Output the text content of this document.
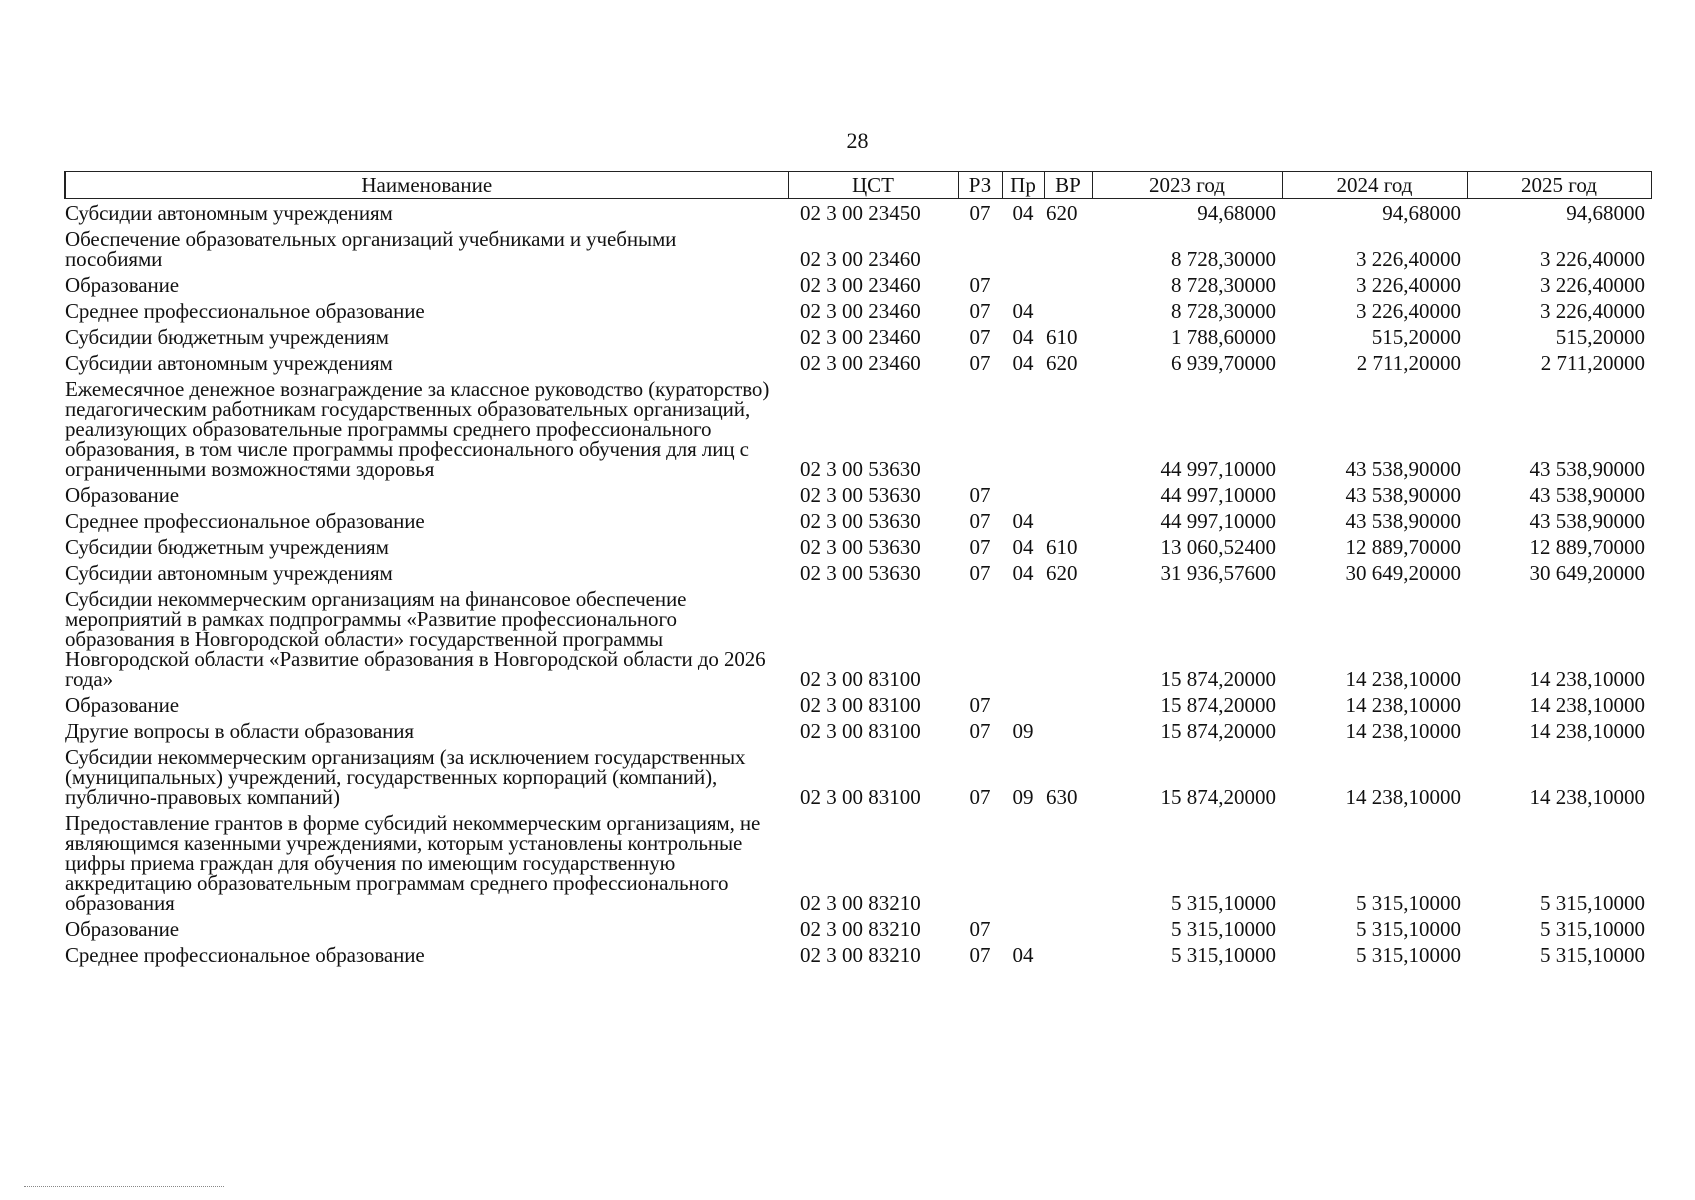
28
Наименование	ЦСТ	РЗ	Пр	ВР	2023 год	2024 год	2025 год
Субсидии автономным учреждениям	02 3 00 23450	07	04	620	94,68000	94,68000	94,68000
Обеспечение образовательных организаций учебниками и учебными пособиями	02 3 00 23460				8 728,30000	3 226,40000	3 226,40000
Образование	02 3 00 23460	07			8 728,30000	3 226,40000	3 226,40000
Среднее профессиональное образование	02 3 00 23460	07	04		8 728,30000	3 226,40000	3 226,40000
Субсидии бюджетным учреждениям	02 3 00 23460	07	04	610	1 788,60000	515,20000	515,20000
Субсидии автономным учреждениям	02 3 00 23460	07	04	620	6 939,70000	2 711,20000	2 711,20000
Ежемесячное денежное вознаграждение за классное руководство (кураторство) педагогическим работникам государственных образовательных организаций, реализующих образовательные программы среднего профессионального образования, в том числе программы профессионального обучения для лиц с ограниченными возможностями здоровья	02 3 00 53630				44 997,10000	43 538,90000	43 538,90000
Образование	02 3 00 53630	07			44 997,10000	43 538,90000	43 538,90000
Среднее профессиональное образование	02 3 00 53630	07	04		44 997,10000	43 538,90000	43 538,90000
Субсидии бюджетным учреждениям	02 3 00 53630	07	04	610	13 060,52400	12 889,70000	12 889,70000
Субсидии автономным учреждениям	02 3 00 53630	07	04	620	31 936,57600	30 649,20000	30 649,20000
Субсидии некоммерческим организациям на финансовое обеспечение мероприятий в рамках подпрограммы «Развитие профессионального образования в Новгородской области» государственной программы Новгородской области «Развитие образования в Новгородской области до 2026 года»	02 3 00 83100				15 874,20000	14 238,10000	14 238,10000
Образование	02 3 00 83100	07			15 874,20000	14 238,10000	14 238,10000
Другие вопросы в области образования	02 3 00 83100	07	09		15 874,20000	14 238,10000	14 238,10000
Субсидии некоммерческим организациям (за исключением государственных (муниципальных) учреждений, государственных корпораций (компаний), публично-правовых компаний)	02 3 00 83100	07	09	630	15 874,20000	14 238,10000	14 238,10000
Предоставление грантов в форме субсидий некоммерческим организациям, не являющимся казенными учреждениями, которым установлены контрольные цифры приема граждан для обучения по имеющим государственную аккредитацию образовательным программам среднего профессионального образования	02 3 00 83210				5 315,10000	5 315,10000	5 315,10000
Образование	02 3 00 83210	07			5 315,10000	5 315,10000	5 315,10000
Среднее профессиональное образование	02 3 00 83210	07	04		5 315,10000	5 315,10000	5 315,10000
